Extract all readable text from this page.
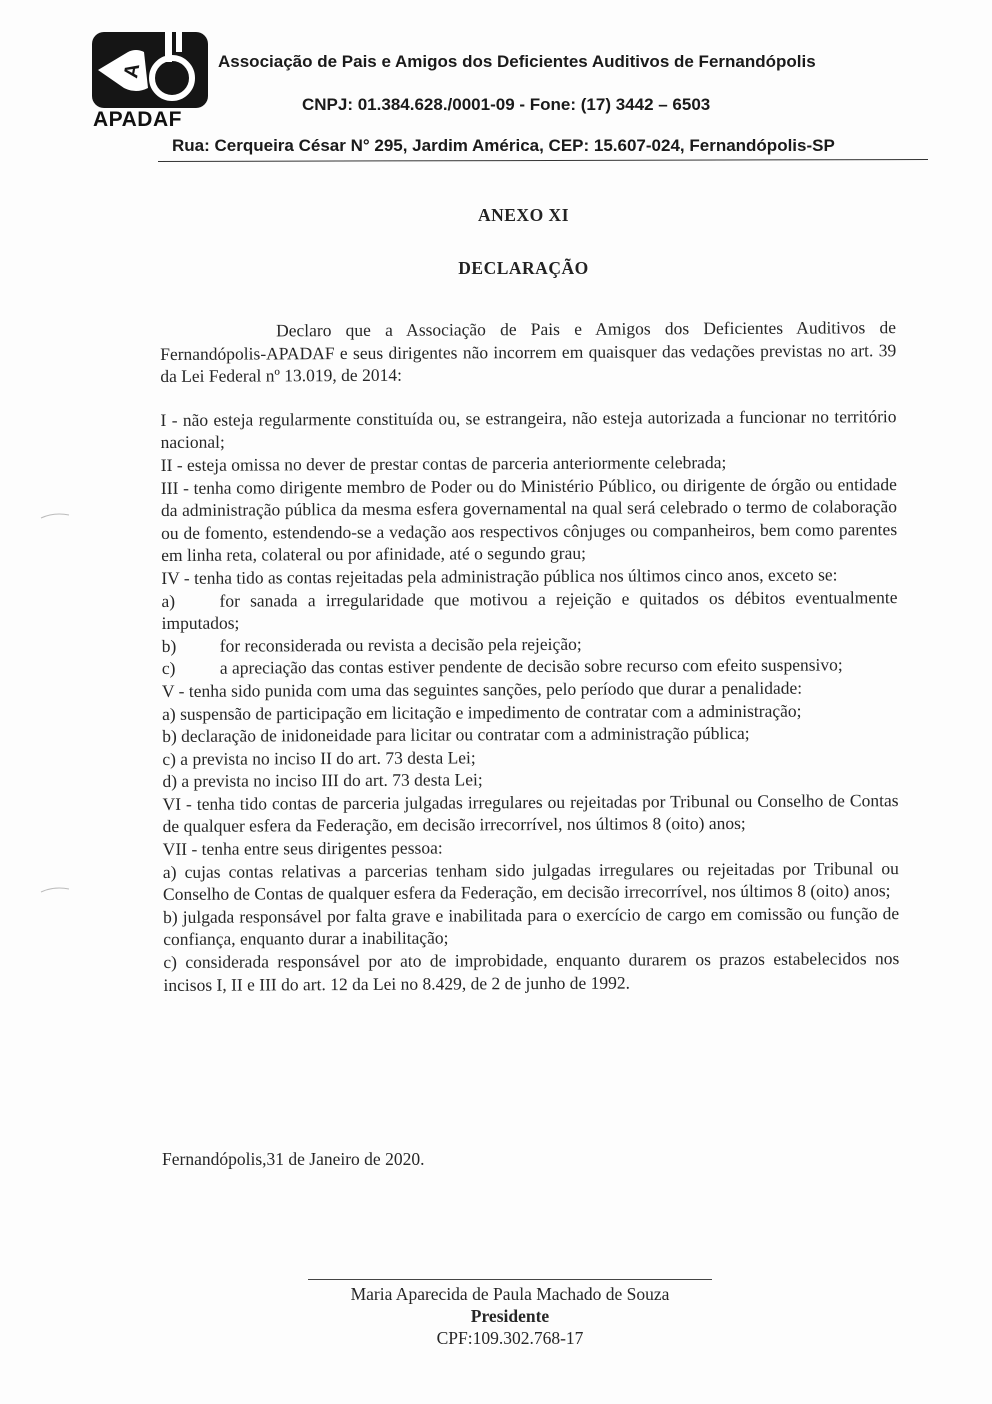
A
APADAF
Associação de Pais e Amigos dos Deficientes Auditivos de Fernandópolis
CNPJ: 01.384.628./0001-09 - Fone: (17) 3442 – 6503
Rua: Cerqueira César N° 295, Jardim América, CEP: 15.607-024, Fernandópolis-SP
ANEXO XI
DECLARAÇÃO

Declaro que a Associação de Pais e Amigos dos Deficientes Auditivos de Fernandópolis-APADAF e seus dirigentes não incorrem em quaisquer das vedações previstas no art. 39 da Lei Federal nº 13.019, de 2014:

I - não esteja regularmente constituída ou, se estrangeira, não esteja autorizada a funcionar no território nacional;

II - esteja omissa no dever de prestar contas de parceria anteriormente celebrada;

III - tenha como dirigente membro de Poder ou do Ministério Público, ou dirigente de órgão ou entidade da administração pública da mesma esfera governamental na qual será celebrado o termo de colaboração ou de fomento, estendendo-se a vedação aos respectivos cônjuges ou companheiros, bem como parentes em linha reta, colateral ou por afinidade, até o segundo grau;

IV - tenha tido as contas rejeitadas pela administração pública nos últimos cinco anos, exceto se:

a)	for sanada a irregularidade que motivou a rejeição e quitados os débitos eventualmente imputados;

b) for reconsiderada ou revista a decisão pela rejeição;

c)	a apreciação das contas estiver pendente de decisão sobre recurso com efeito suspensivo;

V - tenha sido punida com uma das seguintes sanções, pelo período que durar a penalidade:

a) suspensão de participação em licitação e impedimento de contratar com a administração;

b) declaração de inidoneidade para licitar ou contratar com a administração pública;

c) a prevista no inciso II do art. 73 desta Lei;

d) a prevista no inciso III do art. 73 desta Lei;

VI - tenha tido contas de parceria julgadas irregulares ou rejeitadas por Tribunal ou Conselho de Contas de qualquer esfera da Federação, em decisão irrecorrível, nos últimos 8 (oito) anos;

VII - tenha entre seus dirigentes pessoa:

a) cujas contas relativas a parcerias tenham sido julgadas irregulares ou rejeitadas por Tribunal ou Conselho de Contas de qualquer esfera da Federação, em decisão irrecorrível, nos últimos 8 (oito) anos;

b) julgada responsável por falta grave e inabilitada para o exercício de cargo em comissão ou função de confiança, enquanto durar a inabilitação;

c) considerada responsável por ato de improbidade, enquanto durarem os prazos estabelecidos nos incisos I, II e III do art. 12 da Lei no 8.429, de 2 de junho de 1992.

Fernandópolis,31 de Janeiro de 2020.
Maria Aparecida de Paula Machado de Souza
Presidente
CPF:109.302.768-17
